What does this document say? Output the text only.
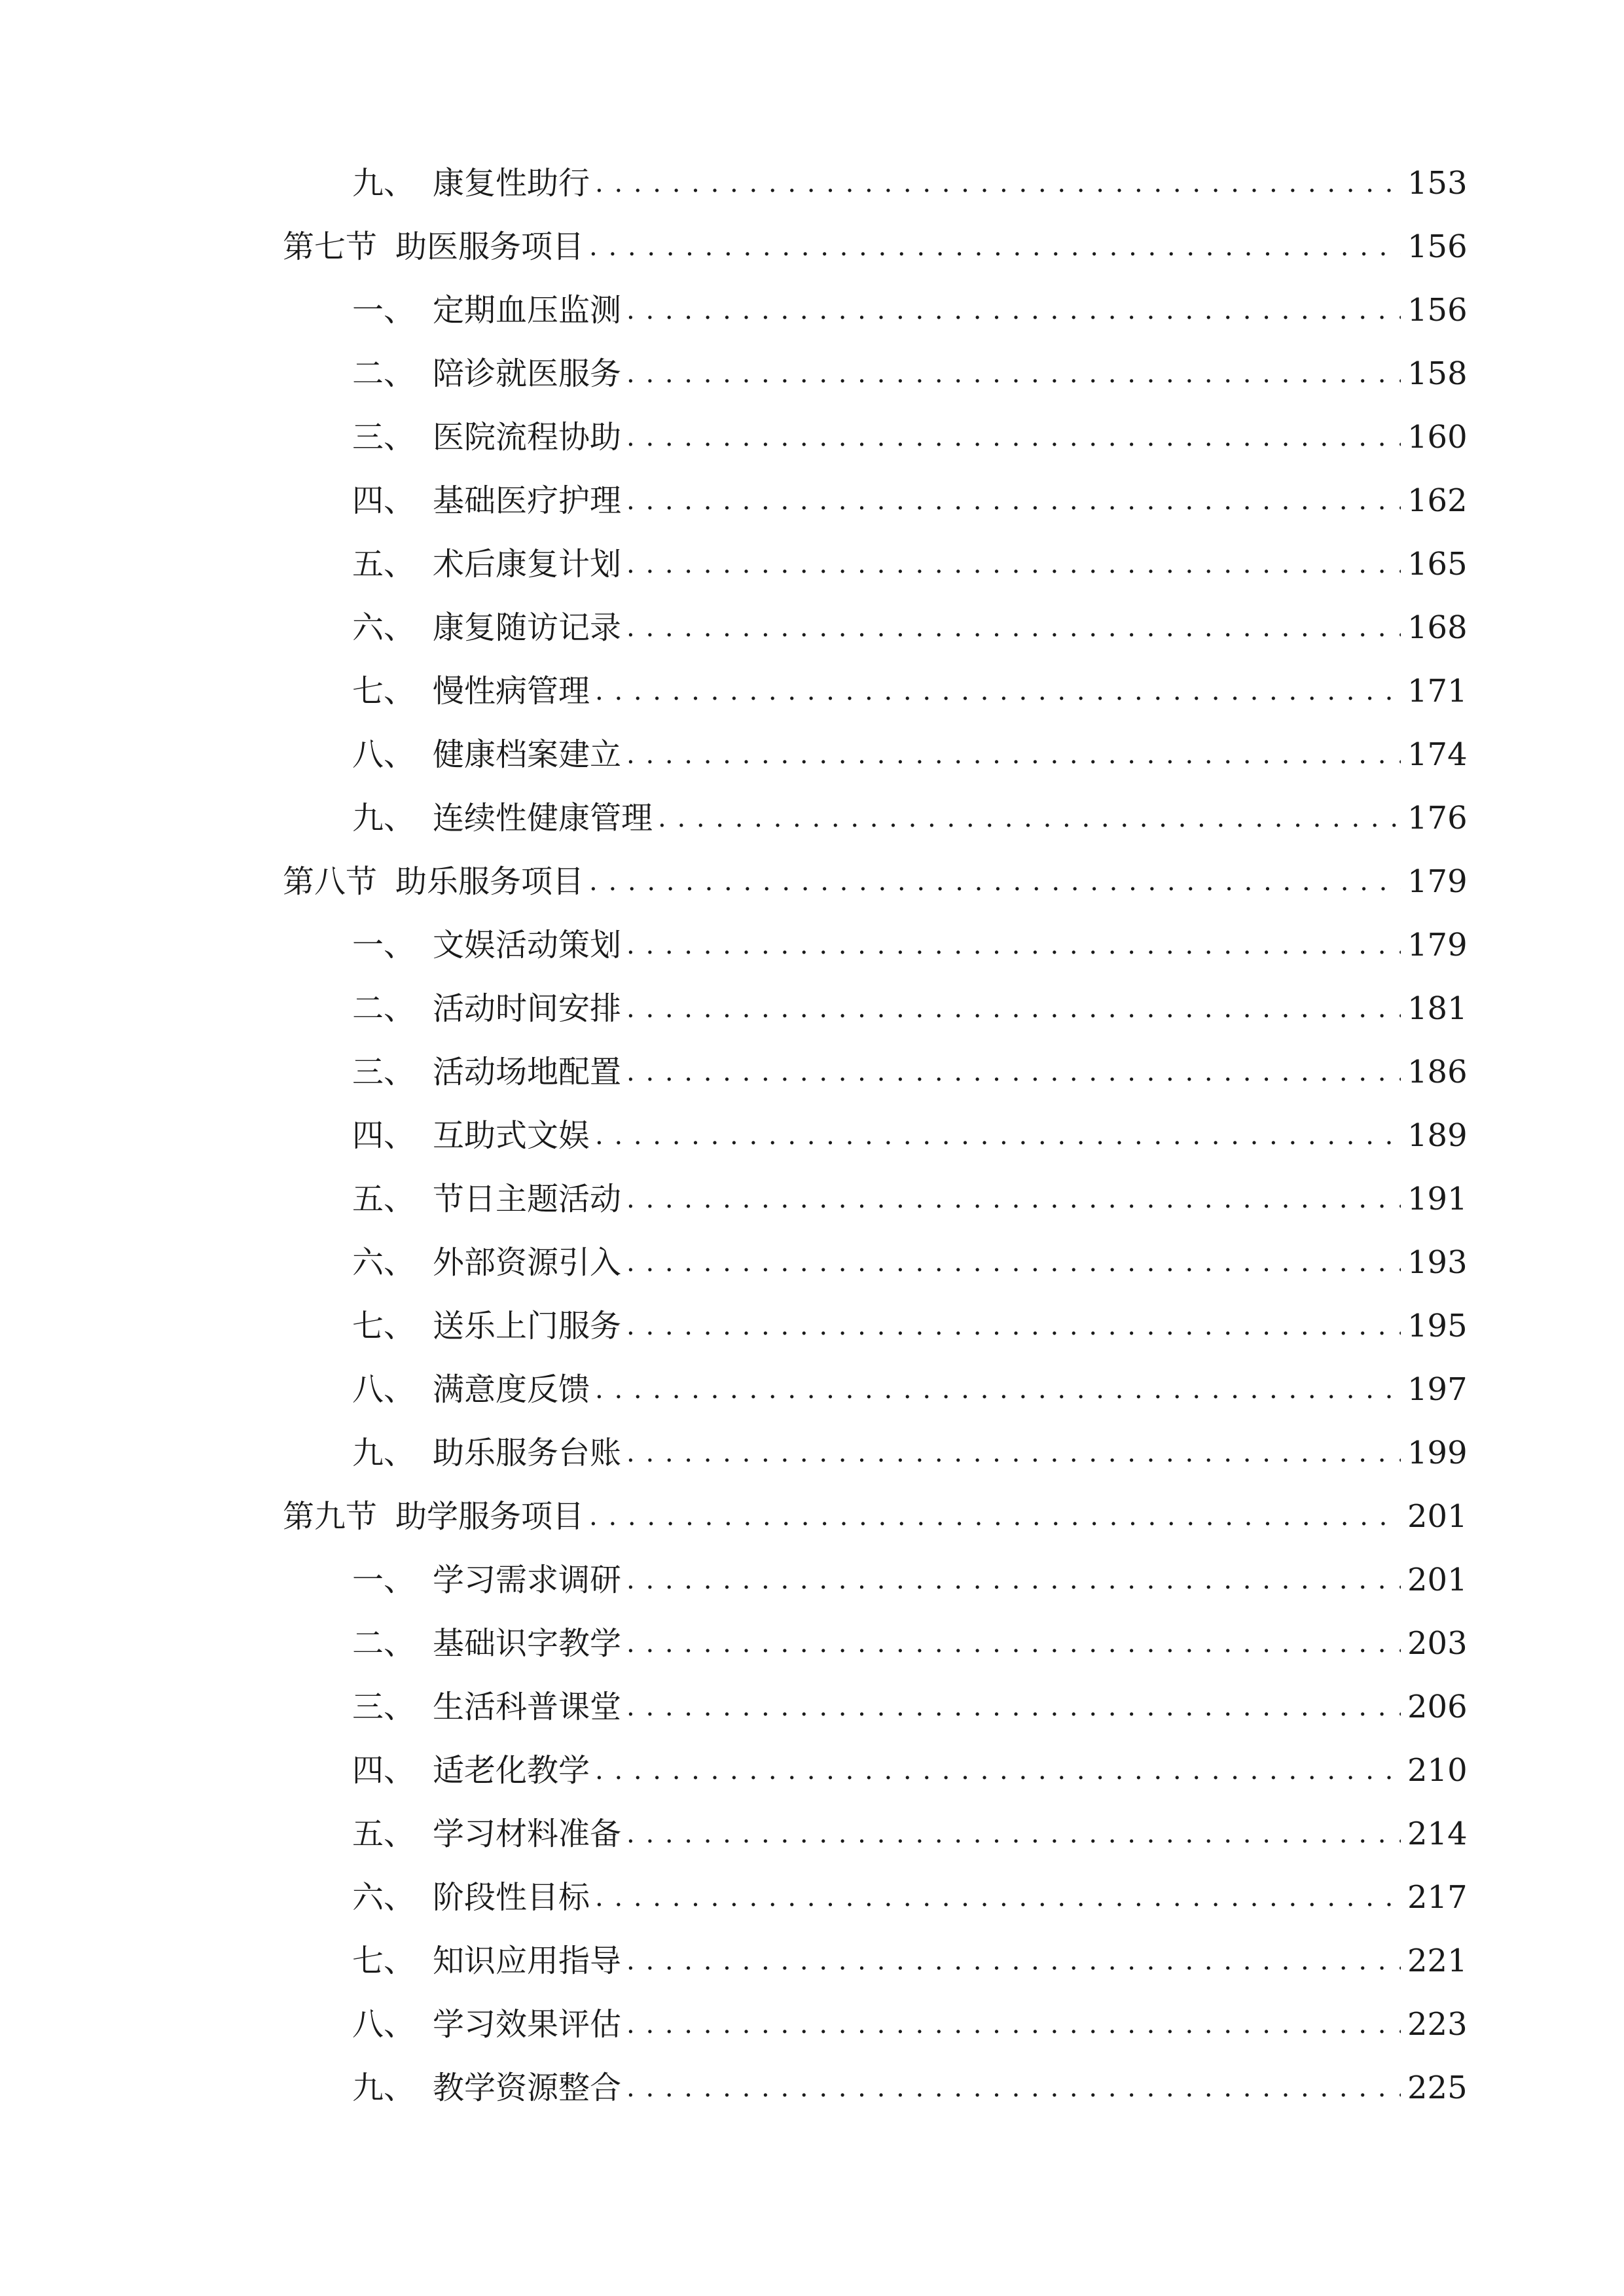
九、 康复性助行 . . .	153
第七节 助医服务项目 . . .	156
一、 定期血压监测 . . .	156
二、 陪诊就医服务 . . .	158
三、 医院流程协助 . . .	160
四、 基础医疗护理 . . .	162
五、 术后康复计划 . . .	165
六、 康复随访记录 . . .	168
七、 慢性病管理 . . .	171
八、 健康档案建立 . . .	174
九、 连续性健康管理 . . .	176
第八节 助乐服务项目 . . .	179
一、 文娱活动策划 . . .	179
二、 活动时间安排 . . .	181
三、 活动场地配置 . . .	186
四、 互助式文娱 . . .	189
五、 节日主题活动 . . .	191
六、 外部资源引入 . . .	193
七、 送乐上门服务 . . .	195
八、 满意度反馈 . . .	197
九、 助乐服务台账 . . .	199
第九节 助学服务项目 . . .	201
一、 学习需求调研 . . .	201
二、 基础识字教学 . . .	203
三、 生活科普课堂 . . .	206
四、 适老化教学 . . .	210
五、 学习材料准备 . . .	214
六、 阶段性目标 . . .	217
七、 知识应用指导 . . .	221
八、 学习效果评估 . . .	223
九、 教学资源整合 . . .	225
